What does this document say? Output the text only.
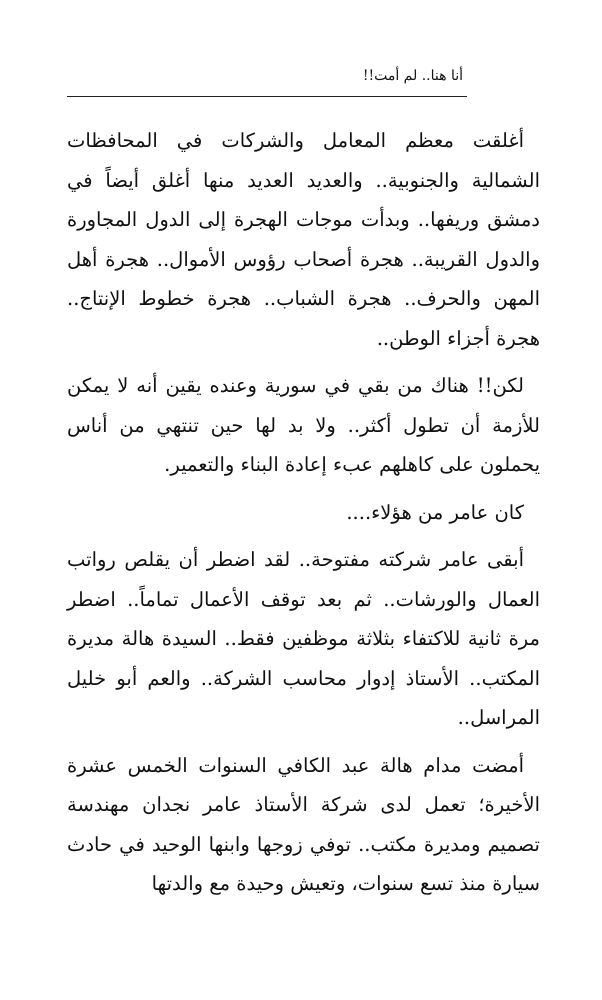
أنا هنا.. لم أمت!!

أغلقت معظم المعامل والشركات في المحافظات الشمالية والجنوبية.. والعديد العديد منها أغلق أيضاً في دمشق وريفها.. وبدأت موجات الهجرة إلى الدول المجاورة والدول القريبة.. هجرة أصحاب رؤوس الأموال.. هجرة أهل المهن والحرف.. هجرة الشباب.. هجرة خطوط الإنتاج.. هجرة أجزاء الوطن..

لكن!! هناك من بقي في سورية وعنده يقين أنه لا يمكن للأزمة أن تطول أكثر.. ولا بد لها حين تنتهي من أناس يحملون على كاهلهم عبء إعادة البناء والتعمير.

كان عامر من هؤلاء....

أبقى عامر شركته مفتوحة.. لقد اضطر أن يقلص رواتب العمال والورشات.. ثم بعد توقف الأعمال تماماً.. اضطر مرة ثانية للاكتفاء بثلاثة موظفين فقط.. السيدة هالة مديرة المكتب.. الأستاذ إدوار محاسب الشركة.. والعم أبو خليل المراسل..

أمضت مدام هالة عبد الكافي السنوات الخمس عشرة الأخيرة؛ تعمل لدى شركة الأستاذ عامر نجدان مهندسة تصميم ومديرة مكتب.. توفي زوجها وابنها الوحيد في حادث سيارة منذ تسع سنوات، وتعيش وحيدة مع والدتها
